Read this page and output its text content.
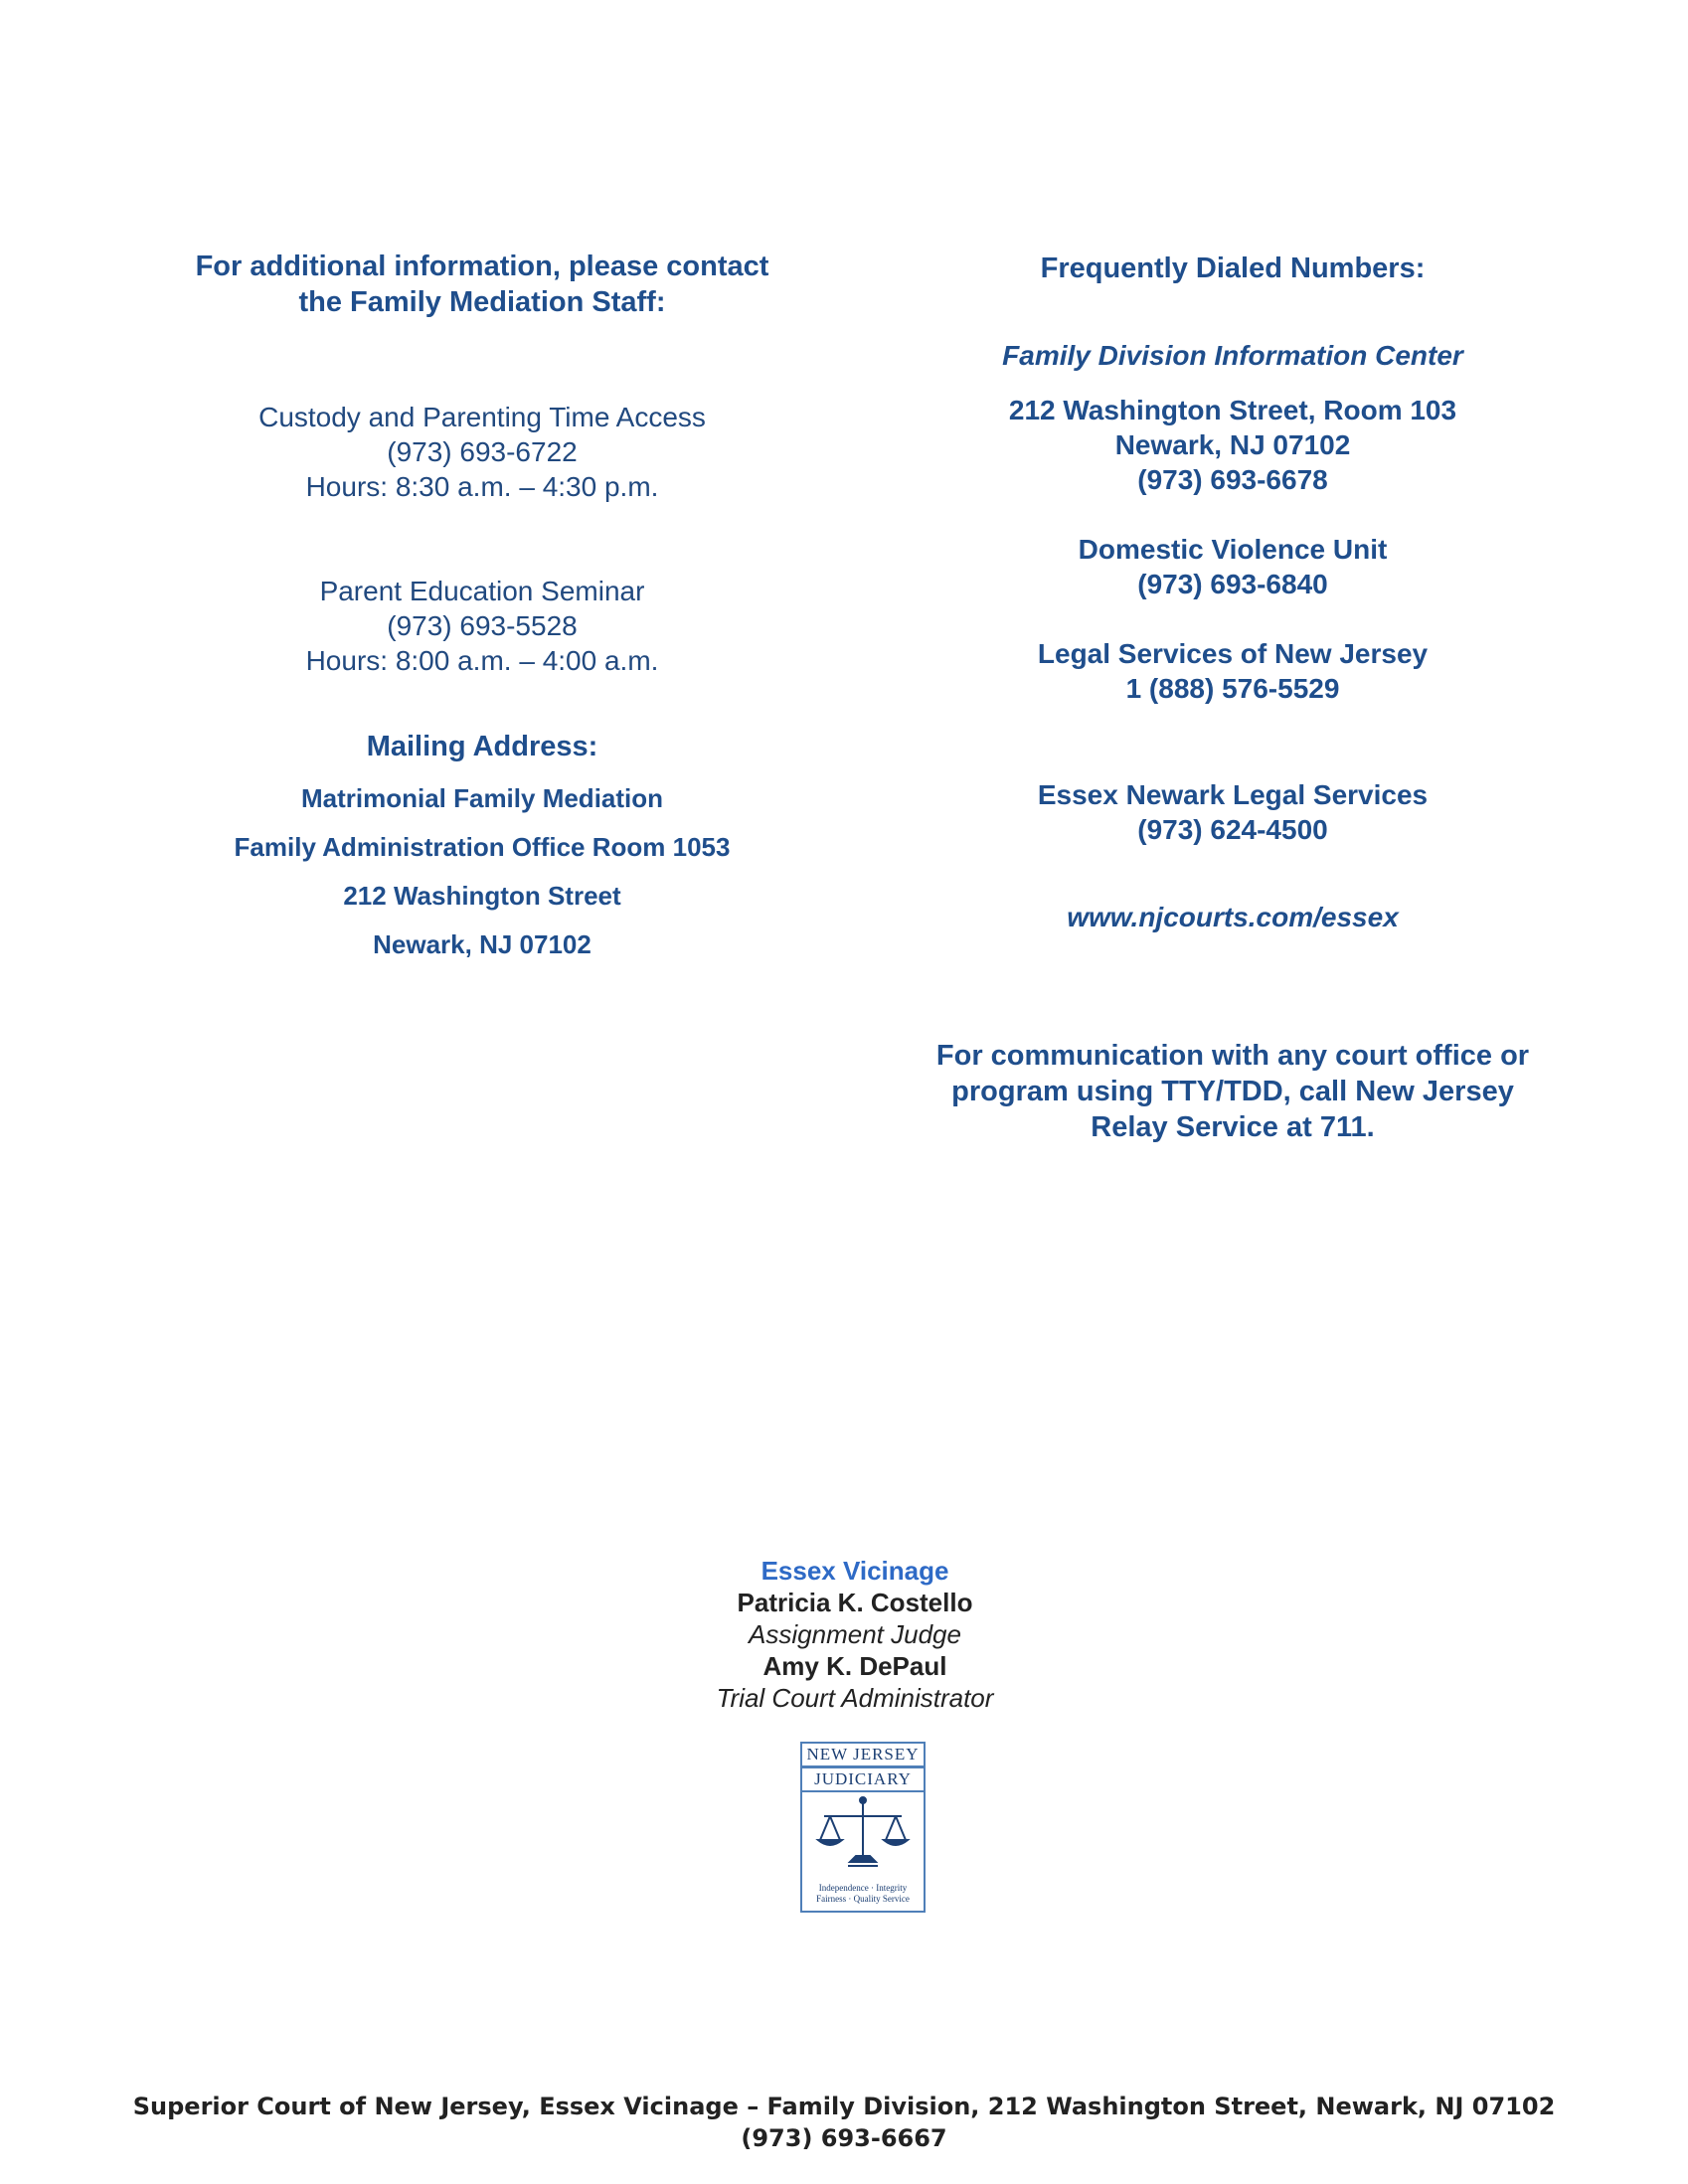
For additional information, please contact
the Family Mediation Staff:
Custody and Parenting Time Access
(973) 693-6722
Hours: 8:30 a.m. – 4:30 p.m.
Parent Education Seminar
(973) 693-5528
Hours: 8:00 a.m. – 4:00 a.m.
Mailing Address:
Matrimonial Family Mediation
Family Administration Office Room 1053
212 Washington Street
Newark, NJ 07102
Frequently Dialed Numbers:
Family Division Information Center
212 Washington Street, Room 103
Newark, NJ 07102
(973) 693-6678
Domestic Violence Unit
(973) 693-6840
Legal Services of New Jersey
1 (888) 576-5529
Essex Newark Legal Services
(973) 624-4500
www.njcourts.com/essex
For communication with any court office or
program using TTY/TDD, call New Jersey
Relay Service at 711.
Essex Vicinage
Patricia K. Costello
Assignment Judge
Amy K. DePaul
Trial Court Administrator
NEW JERSEY
JUDICIARY
Independence · Integrity
Fairness · Quality Service
Superior Court of New Jersey, Essex Vicinage – Family Division, 212 Washington Street, Newark, NJ 07102
(973) 693-6667
